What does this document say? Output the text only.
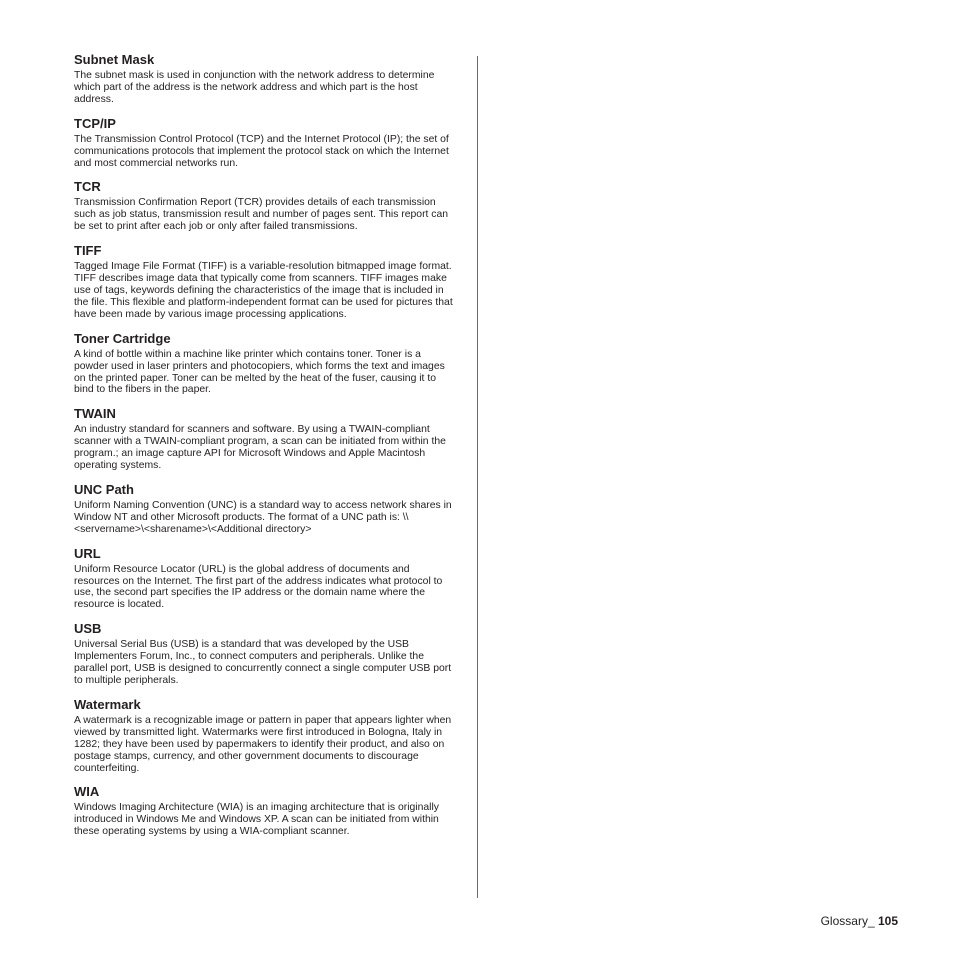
Subnet Mask

The subnet mask is used in conjunction with the network address to determine which part of the address is the network address and which part is the host address.

TCP/IP

The Transmission Control Protocol (TCP) and the Internet Protocol (IP); the set of communications protocols that implement the protocol stack on which the Internet and most commercial networks run.

TCR

Transmission Confirmation Report (TCR) provides details of each transmission such as job status, transmission result and number of pages sent. This report can be set to print after each job or only after failed transmissions.

TIFF

Tagged Image File Format (TIFF) is a variable-resolution bitmapped image format. TIFF describes image data that typically come from scanners. TIFF images make use of tags, keywords defining the characteristics of the image that is included in the file. This flexible and platform-independent format can be used for pictures that have been made by various image processing applications.

Toner Cartridge

A kind of bottle within a machine like printer which contains toner. Toner is a powder used in laser printers and photocopiers, which forms the text and images on the printed paper. Toner can be melted by the heat of the fuser, causing it to bind to the fibers in the paper.

TWAIN

An industry standard for scanners and software. By using a TWAIN-compliant scanner with a TWAIN-compliant program, a scan can be initiated from within the program.; an image capture API for Microsoft Windows and Apple Macintosh operating systems.

UNC Path

Uniform Naming Convention (UNC) is a standard way to access network shares in Window NT and other Microsoft products. The format of a UNC path is: \\<servername>\<sharename>\<Additional directory>

URL

Uniform Resource Locator (URL) is the global address of documents and resources on the Internet. The first part of the address indicates what protocol to use, the second part specifies the IP address or the domain name where the resource is located.

USB

Universal Serial Bus (USB) is a standard that was developed by the USB Implementers Forum, Inc., to connect computers and peripherals. Unlike the parallel port, USB is designed to concurrently connect a single computer USB port to multiple peripherals.

Watermark

A watermark is a recognizable image or pattern in paper that appears lighter when viewed by transmitted light. Watermarks were first introduced in Bologna, Italy in 1282; they have been used by papermakers to identify their product, and also on postage stamps, currency, and other government documents to discourage counterfeiting.

WIA

Windows Imaging Architecture (WIA) is an imaging architecture that is originally introduced in Windows Me and Windows XP. A scan can be initiated from within these operating systems by using a WIA-compliant scanner.

Glossary_ 105
